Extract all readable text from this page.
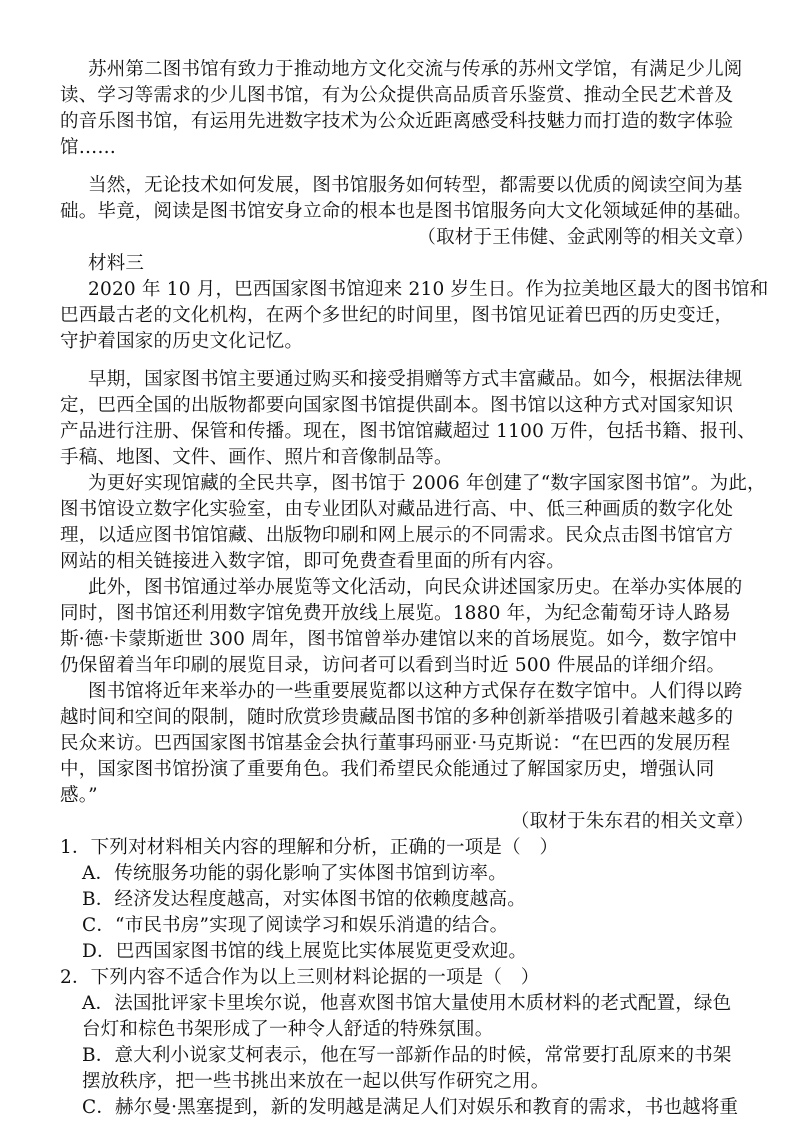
苏州第二图书馆有致力于推动地方文化交流与传承的苏州文学馆，有满足少儿阅
读、学习等需求的少儿图书馆，有为公众提供高品质音乐鉴赏、推动全民艺术普及
的音乐图书馆，有运用先进数字技术为公众近距离感受科技魅力而打造的数字体验
馆……
当然，无论技术如何发展，图书馆服务如何转型，都需要以优质的阅读空间为基
础。毕竟，阅读是图书馆安身立命的根本也是图书馆服务向大文化领域延伸的基础。
（取材于王伟健、金武刚等的相关文章）
材料三
2020 年 10 月，巴西国家图书馆迎来 210 岁生日。作为拉美地区最大的图书馆和
巴西最古老的文化机构，在两个多世纪的时间里，图书馆见证着巴西的历史变迁，
守护着国家的历史文化记忆。
早期，国家图书馆主要通过购买和接受捐赠等方式丰富藏品。如今，根据法律规
定，巴西全国的出版物都要向国家图书馆提供副本。图书馆以这种方式对国家知识
产品进行注册、保管和传播。现在，图书馆馆藏超过 1100 万件，包括书籍、报刊、
手稿、地图、文件、画作、照片和音像制品等。
为更好实现馆藏的全民共享，图书馆于 2006 年创建了“数字国家图书馆”。为此，
图书馆设立数字化实验室，由专业团队对藏品进行高、中、低三种画质的数字化处
理，以适应图书馆馆藏、出版物印刷和网上展示的不同需求。民众点击图书馆官方
网站的相关链接进入数字馆，即可免费查看里面的所有内容。
此外，图书馆通过举办展览等文化活动，向民众讲述国家历史。在举办实体展的
同时，图书馆还利用数字馆免费开放线上展览。1880 年，为纪念葡萄牙诗人路易
斯·德·卡蒙斯逝世 300 周年，图书馆曾举办建馆以来的首场展览。如今，数字馆中
仍保留着当年印刷的展览目录，访问者可以看到当时近 500 件展品的详细介绍。
图书馆将近年来举办的一些重要展览都以这种方式保存在数字馆中。人们得以跨
越时间和空间的限制，随时欣赏珍贵藏品图书馆的多种创新举措吸引着越来越多的
民众来访。巴西国家图书馆基金会执行董事玛丽亚·马克斯说：“在巴西的发展历程
中，国家图书馆扮演了重要角色。我们希望民众能通过了解国家历史，增强认同
感。”
（取材于朱东君的相关文章）
1．下列对材料相关内容的理解和分析，正确的一项是（　）
A．传统服务功能的弱化影响了实体图书馆到访率。
B．经济发达程度越高，对实体图书馆的依赖度越高。
C．“市民书房”实现了阅读学习和娱乐消遣的结合。
D．巴西国家图书馆的线上展览比实体展览更受欢迎。
2．下列内容不适合作为以上三则材料论据的一项是（　）
A．法国批评家卡里埃尔说，他喜欢图书馆大量使用木质材料的老式配置，绿色
台灯和棕色书架形成了一种令人舒适的特殊氛围。
B．意大利小说家艾柯表示，他在写一部新作品的时候，常常要打乱原来的书架
摆放秩序，把一些书挑出来放在一起以供写作研究之用。
C．赫尔曼·黑塞提到，新的发明越是满足人们对娱乐和教育的需求，书也越将重
